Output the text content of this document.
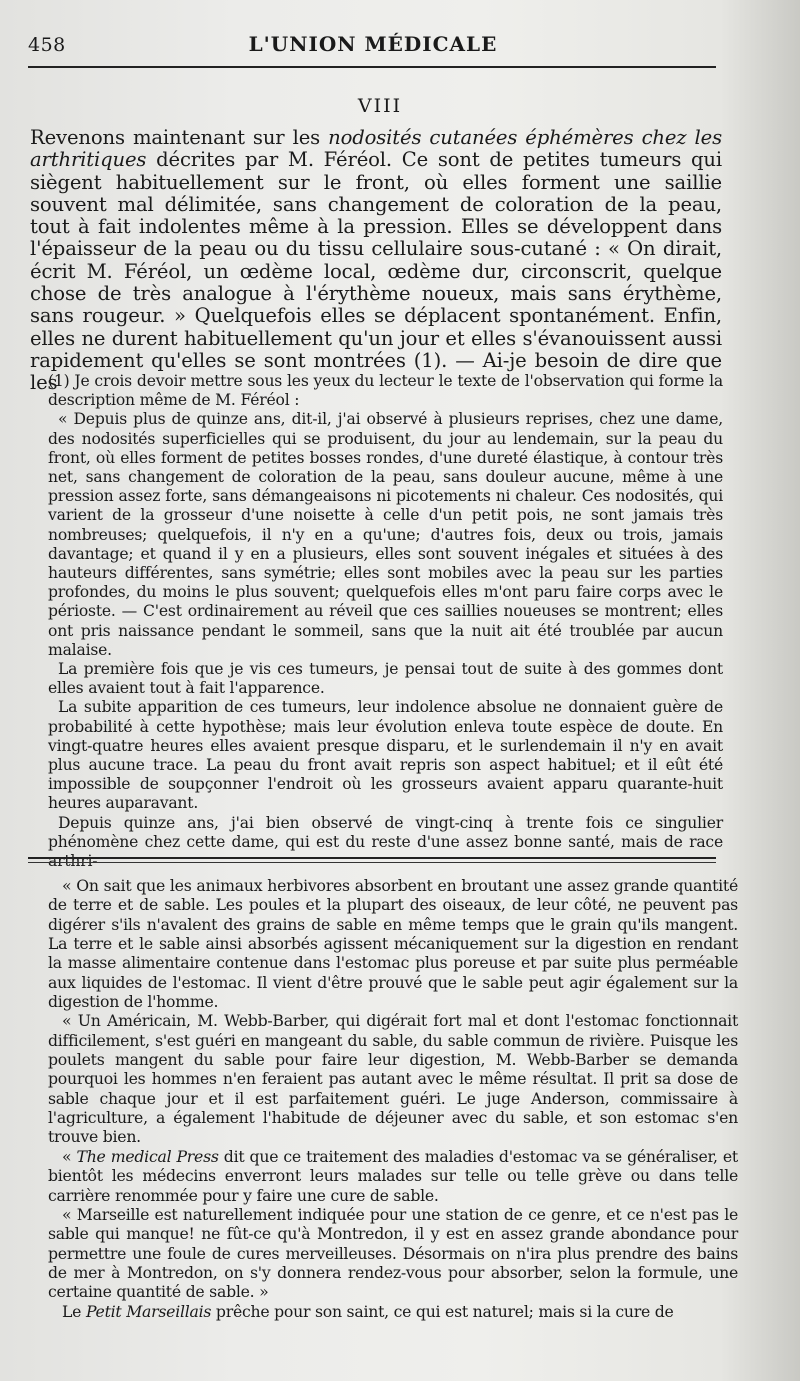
458	L'UNION MÉDICALE
VIII

Revenons maintenant sur les nodosités cutanées éphémères chez les arthritiques décrites par M. Féréol. Ce sont de petites tumeurs qui siègent habituellement sur le front, où elles forment une saillie souvent mal délimitée, sans changement de coloration de la peau, tout à fait indolentes même à la pression. Elles se développent dans l'épaisseur de la peau ou du tissu cellulaire sous-cutané : « On dirait, écrit M. Féréol, un œdème local, œdème dur, circonscrit, quelque chose de très analogue à l'érythème noueux, mais sans érythème, sans rougeur. » Quelquefois elles se déplacent spontanément. Enfin, elles ne durent habituellement qu'un jour et elles s'évanouissent aussi rapidement qu'elles se sont montrées (1). — Ai-je besoin de dire que les

(1) Je crois devoir mettre sous les yeux du lecteur le texte de l'observation qui forme la description même de M. Féréol :

« Depuis plus de quinze ans, dit-il, j'ai observé à plusieurs reprises, chez une dame, des nodosités superficielles qui se produisent, du jour au lendemain, sur la peau du front, où elles forment de petites bosses rondes, d'une dureté élastique, à contour très net, sans changement de coloration de la peau, sans douleur aucune, même à une pression assez forte, sans démangeaisons ni picotements ni chaleur. Ces nodosités, qui varient de la grosseur d'une noisette à celle d'un petit pois, ne sont jamais très nombreuses; quelquefois, il n'y en a qu'une; d'autres fois, deux ou trois, jamais davantage; et quand il y en a plusieurs, elles sont souvent inégales et situées à des hauteurs différentes, sans symétrie; elles sont mobiles avec la peau sur les parties profondes, du moins le plus souvent; quelquefois elles m'ont paru faire corps avec le périoste. — C'est ordinairement au réveil que ces saillies noueuses se montrent; elles ont pris naissance pendant le sommeil, sans que la nuit ait été troublée par aucun malaise.

La première fois que je vis ces tumeurs, je pensai tout de suite à des gommes dont elles avaient tout à fait l'apparence.

La subite apparition de ces tumeurs, leur indolence absolue ne donnaient guère de probabilité à cette hypothèse; mais leur évolution enleva toute espèce de doute. En vingt-quatre heures elles avaient presque disparu, et le surlendemain il n'y en avait plus aucune trace. La peau du front avait repris son aspect habituel; et il eût été impossible de soupçonner l'endroit où les grosseurs avaient apparu quarante-huit heures auparavant.

Depuis quinze ans, j'ai bien observé de vingt-cinq à trente fois ce singulier phénomène chez cette dame, qui est du reste d'une assez bonne santé, mais de race arthri-

« On sait que les animaux herbivores absorbent en broutant une assez grande quantité de terre et de sable. Les poules et la plupart des oiseaux, de leur côté, ne peuvent pas digérer s'ils n'avalent des grains de sable en même temps que le grain qu'ils mangent. La terre et le sable ainsi absorbés agissent mécaniquement sur la digestion en rendant la masse alimentaire contenue dans l'estomac plus poreuse et par suite plus perméable aux liquides de l'estomac. Il vient d'être prouvé que le sable peut agir également sur la digestion de l'homme.

« Un Américain, M. Webb-Barber, qui digérait fort mal et dont l'estomac fonctionnait difficilement, s'est guéri en mangeant du sable, du sable commun de rivière. Puisque les poulets mangent du sable pour faire leur digestion, M. Webb-Barber se demanda pourquoi les hommes n'en feraient pas autant avec le même résultat. Il prit sa dose de sable chaque jour et il est parfaitement guéri. Le juge Anderson, commissaire à l'agriculture, a également l'habitude de déjeuner avec du sable, et son estomac s'en trouve bien.

« The medical Press dit que ce traitement des maladies d'estomac va se généraliser, et bientôt les médecins enverront leurs malades sur telle ou telle grève ou dans telle carrière renommée pour y faire une cure de sable.

« Marseille est naturellement indiquée pour une station de ce genre, et ce n'est pas le sable qui manque! ne fût-ce qu'à Montredon, il y est en assez grande abondance pour permettre une foule de cures merveilleuses. Désormais on n'ira plus prendre des bains de mer à Montredon, on s'y donnera rendez-vous pour absorber, selon la formule, une certaine quantité de sable. »

Le Petit Marseillais prêche pour son saint, ce qui est naturel; mais si la cure de
